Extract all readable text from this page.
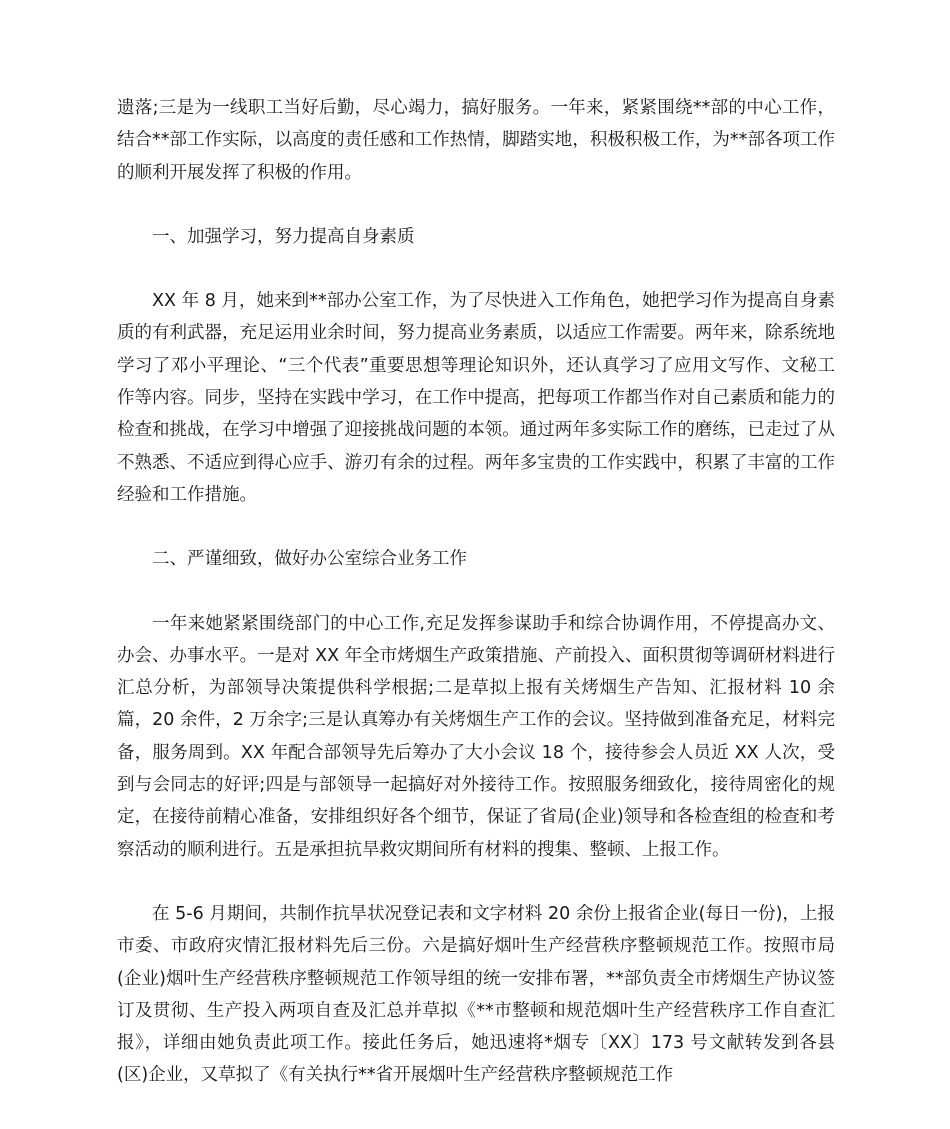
遗落;三是为一线职工当好后勤，尽心竭力，搞好服务。一年来，紧紧围绕**部的中心工作，结合**部工作实际，以高度的责任感和工作热情，脚踏实地，积极积极工作，为**部各项工作的顺利开展发挥了积极的作用。

一、加强学习，努力提高自身素质

XX 年 8 月，她来到**部办公室工作，为了尽快进入工作角色，她把学习作为提高自身素质的有利武器，充足运用业余时间，努力提高业务素质，以适应工作需要。两年来，除系统地学习了邓小平理论、“三个代表”重要思想等理论知识外，还认真学习了应用文写作、文秘工作等内容。同步，坚持在实践中学习，在工作中提高，把每项工作都当作对自己素质和能力的检查和挑战，在学习中增强了迎接挑战问题的本领。通过两年多实际工作的磨练，已走过了从不熟悉、不适应到得心应手、游刃有余的过程。两年多宝贵的工作实践中，积累了丰富的工作经验和工作措施。

二、严谨细致，做好办公室综合业务工作

一年来她紧紧围绕部门的中心工作,充足发挥参谋助手和综合协调作用，不停提高办文、办会、办事水平。一是对 XX 年全市烤烟生产政策措施、产前投入、面积贯彻等调研材料进行汇总分析，为部领导决策提供科学根据;二是草拟上报有关烤烟生产告知、汇报材料 10 余篇，20 余件，2 万余字;三是认真筹办有关烤烟生产工作的会议。坚持做到准备充足，材料完备，服务周到。XX 年配合部领导先后筹办了大小会议 18 个，接待参会人员近 XX 人次，受到与会同志的好评;四是与部领导一起搞好对外接待工作。按照服务细致化，接待周密化的规定，在接待前精心准备，安排组织好各个细节，保证了省局(企业)领导和各检查组的检查和考察活动的顺利进行。五是承担抗旱救灾期间所有材料的搜集、整顿、上报工作。

在 5-6 月期间，共制作抗旱状况登记表和文字材料 20 余份上报省企业(每日一份)，上报市委、市政府灾情汇报材料先后三份。六是搞好烟叶生产经营秩序整顿规范工作。按照市局(企业)烟叶生产经营秩序整顿规范工作领导组的统一安排布署，**部负责全市烤烟生产协议签订及贯彻、生产投入两项自查及汇总并草拟《**市整顿和规范烟叶生产经营秩序工作自查汇报》，详细由她负责此项工作。接此任务后，她迅速将*烟专〔XX〕173 号文献转发到各县(区)企业，又草拟了《有关执行**省开展烟叶生产经营秩序整顿规范工作
